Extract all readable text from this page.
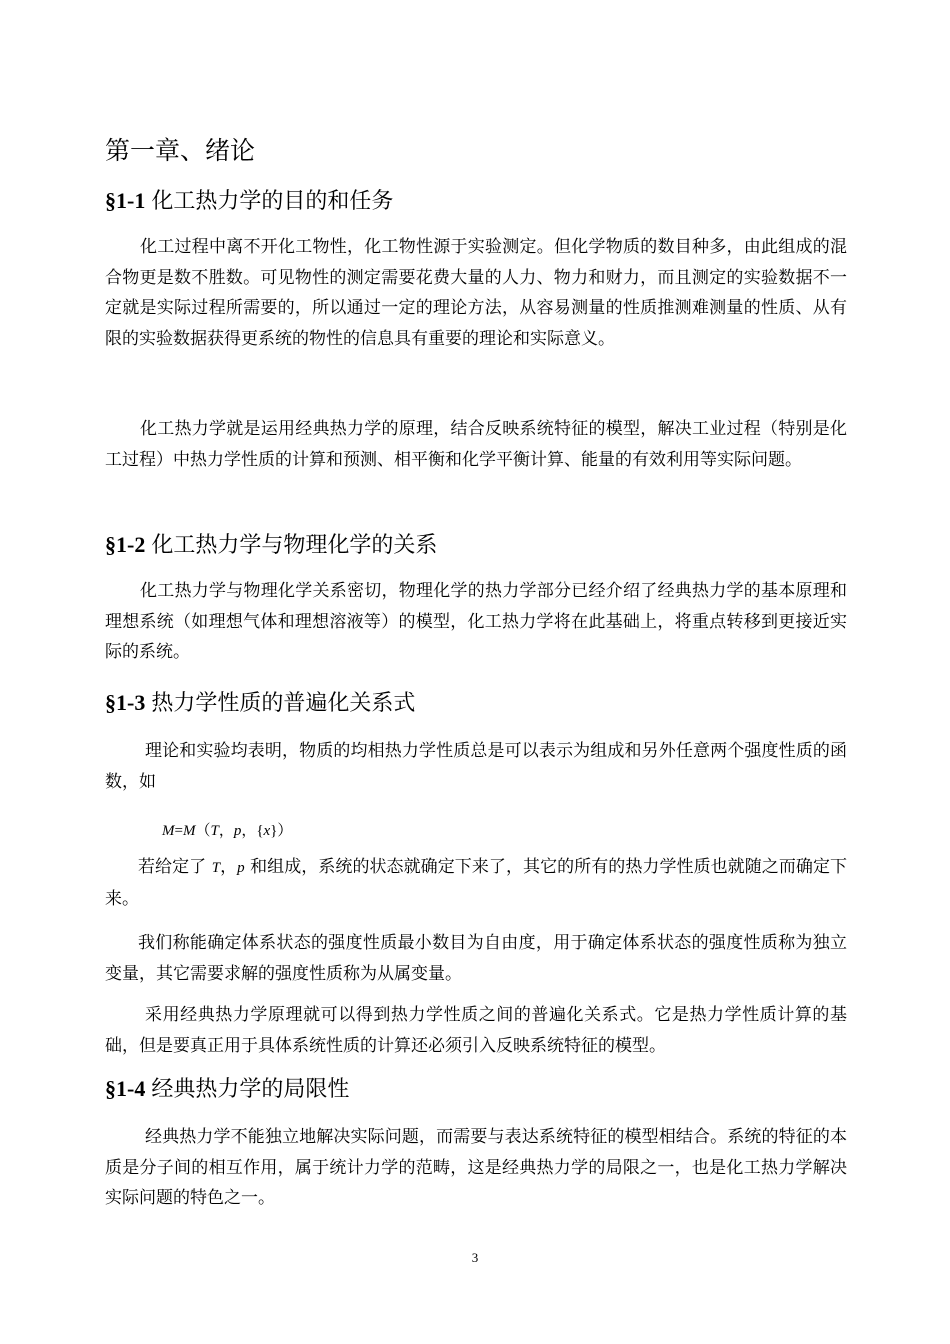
第一章、绪论
§1-1 化工热力学的目的和任务

化工过程中离不开化工物性，化工物性源于实验测定。但化学物质的数目种多，由此组成的混合物更是数不胜数。可见物性的测定需要花费大量的人力、物力和财力，而且测定的实验数据不一定就是实际过程所需要的，所以通过一定的理论方法，从容易测量的性质推测难测量的性质、从有限的实验数据获得更系统的物性的信息具有重要的理论和实际意义。

化工热力学就是运用经典热力学的原理，结合反映系统特征的模型，解决工业过程（特别是化工过程）中热力学性质的计算和预测、相平衡和化学平衡计算、能量的有效利用等实际问题。

§1-2 化工热力学与物理化学的关系

化工热力学与物理化学关系密切，物理化学的热力学部分已经介绍了经典热力学的基本原理和理想系统（如理想气体和理想溶液等）的模型，化工热力学将在此基础上，将重点转移到更接近实际的系统。

§1-3 热力学性质的普遍化关系式

理论和实验均表明，物质的均相热力学性质总是可以表示为组成和另外任意两个强度性质的函数，如

M=M（T，p，{x}）

若给定了 T，p 和组成，系统的状态就确定下来了，其它的所有的热力学性质也就随之而确定下来。

我们称能确定体系状态的强度性质最小数目为自由度，用于确定体系状态的强度性质称为独立变量，其它需要求解的强度性质称为从属变量。

采用经典热力学原理就可以得到热力学性质之间的普遍化关系式。它是热力学性质计算的基础，但是要真正用于具体系统性质的计算还必须引入反映系统特征的模型。

§1-4 经典热力学的局限性

经典热力学不能独立地解决实际问题，而需要与表达系统特征的模型相结合。系统的特征的本质是分子间的相互作用，属于统计力学的范畴，这是经典热力学的局限之一，也是化工热力学解决实际问题的特色之一。

3
